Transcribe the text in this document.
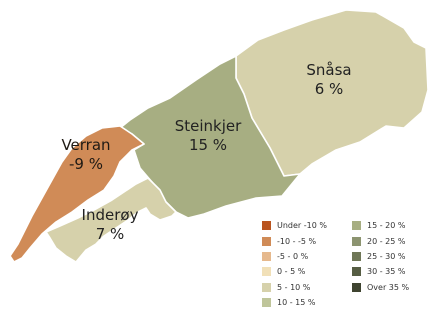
Verran
-9 %
Steinkjer
15 %
Snåsa
6 %
Inderøy
7 %	Under -10 %
-10 - -5 %
-5 - 0 %
0 - 5 %
5 - 10 %
10 - 15 %
15 - 20 %
20 - 25 %
25 - 30 %
30 - 35 %
Over 35 %
